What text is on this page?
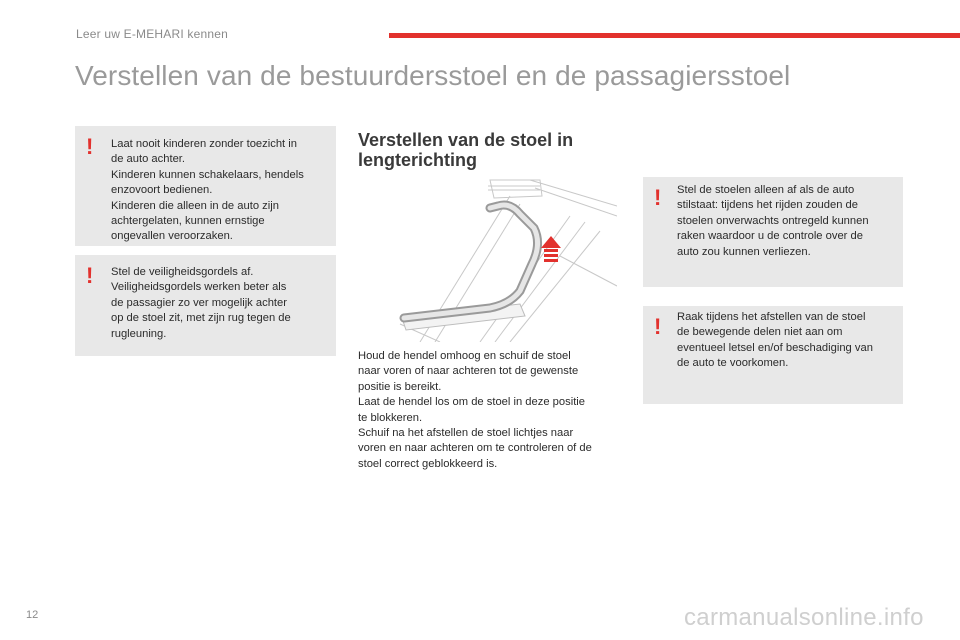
Leer uw E-MEHARI kennen
Verstellen van de bestuurdersstoel en de passagiersstoel
! Laat nooit kinderen zonder toezicht in
de auto achter.
Kinderen kunnen schakelaars, hendels
enzovoort bedienen.
Kinderen die alleen in de auto zijn
achtergelaten, kunnen ernstige
ongevallen veroorzaken.
! Stel de veiligheidsgordels af.
Veiligheidsgordels werken beter als
de passagier zo ver mogelijk achter
op de stoel zit, met zijn rug tegen de
rugleuning.
Verstellen van de stoel in lengterichting
Houd de hendel omhoog en schuif de stoel
naar voren of naar achteren tot de gewenste
positie is bereikt.
Laat de hendel los om de stoel in deze positie
te blokkeren.
Schuif na het afstellen de stoel lichtjes naar
voren en naar achteren om te controleren of de
stoel correct geblokkeerd is.
! Stel de stoelen alleen af als de auto
stilstaat: tijdens het rijden zouden de
stoelen onverwachts ontregeld kunnen
raken waardoor u de controle over de
auto zou kunnen verliezen.
! Raak tijdens het afstellen van de stoel
de bewegende delen niet aan om
eventueel letsel en/of beschadiging van
de auto te voorkomen.
12	carmanualsonline.info
